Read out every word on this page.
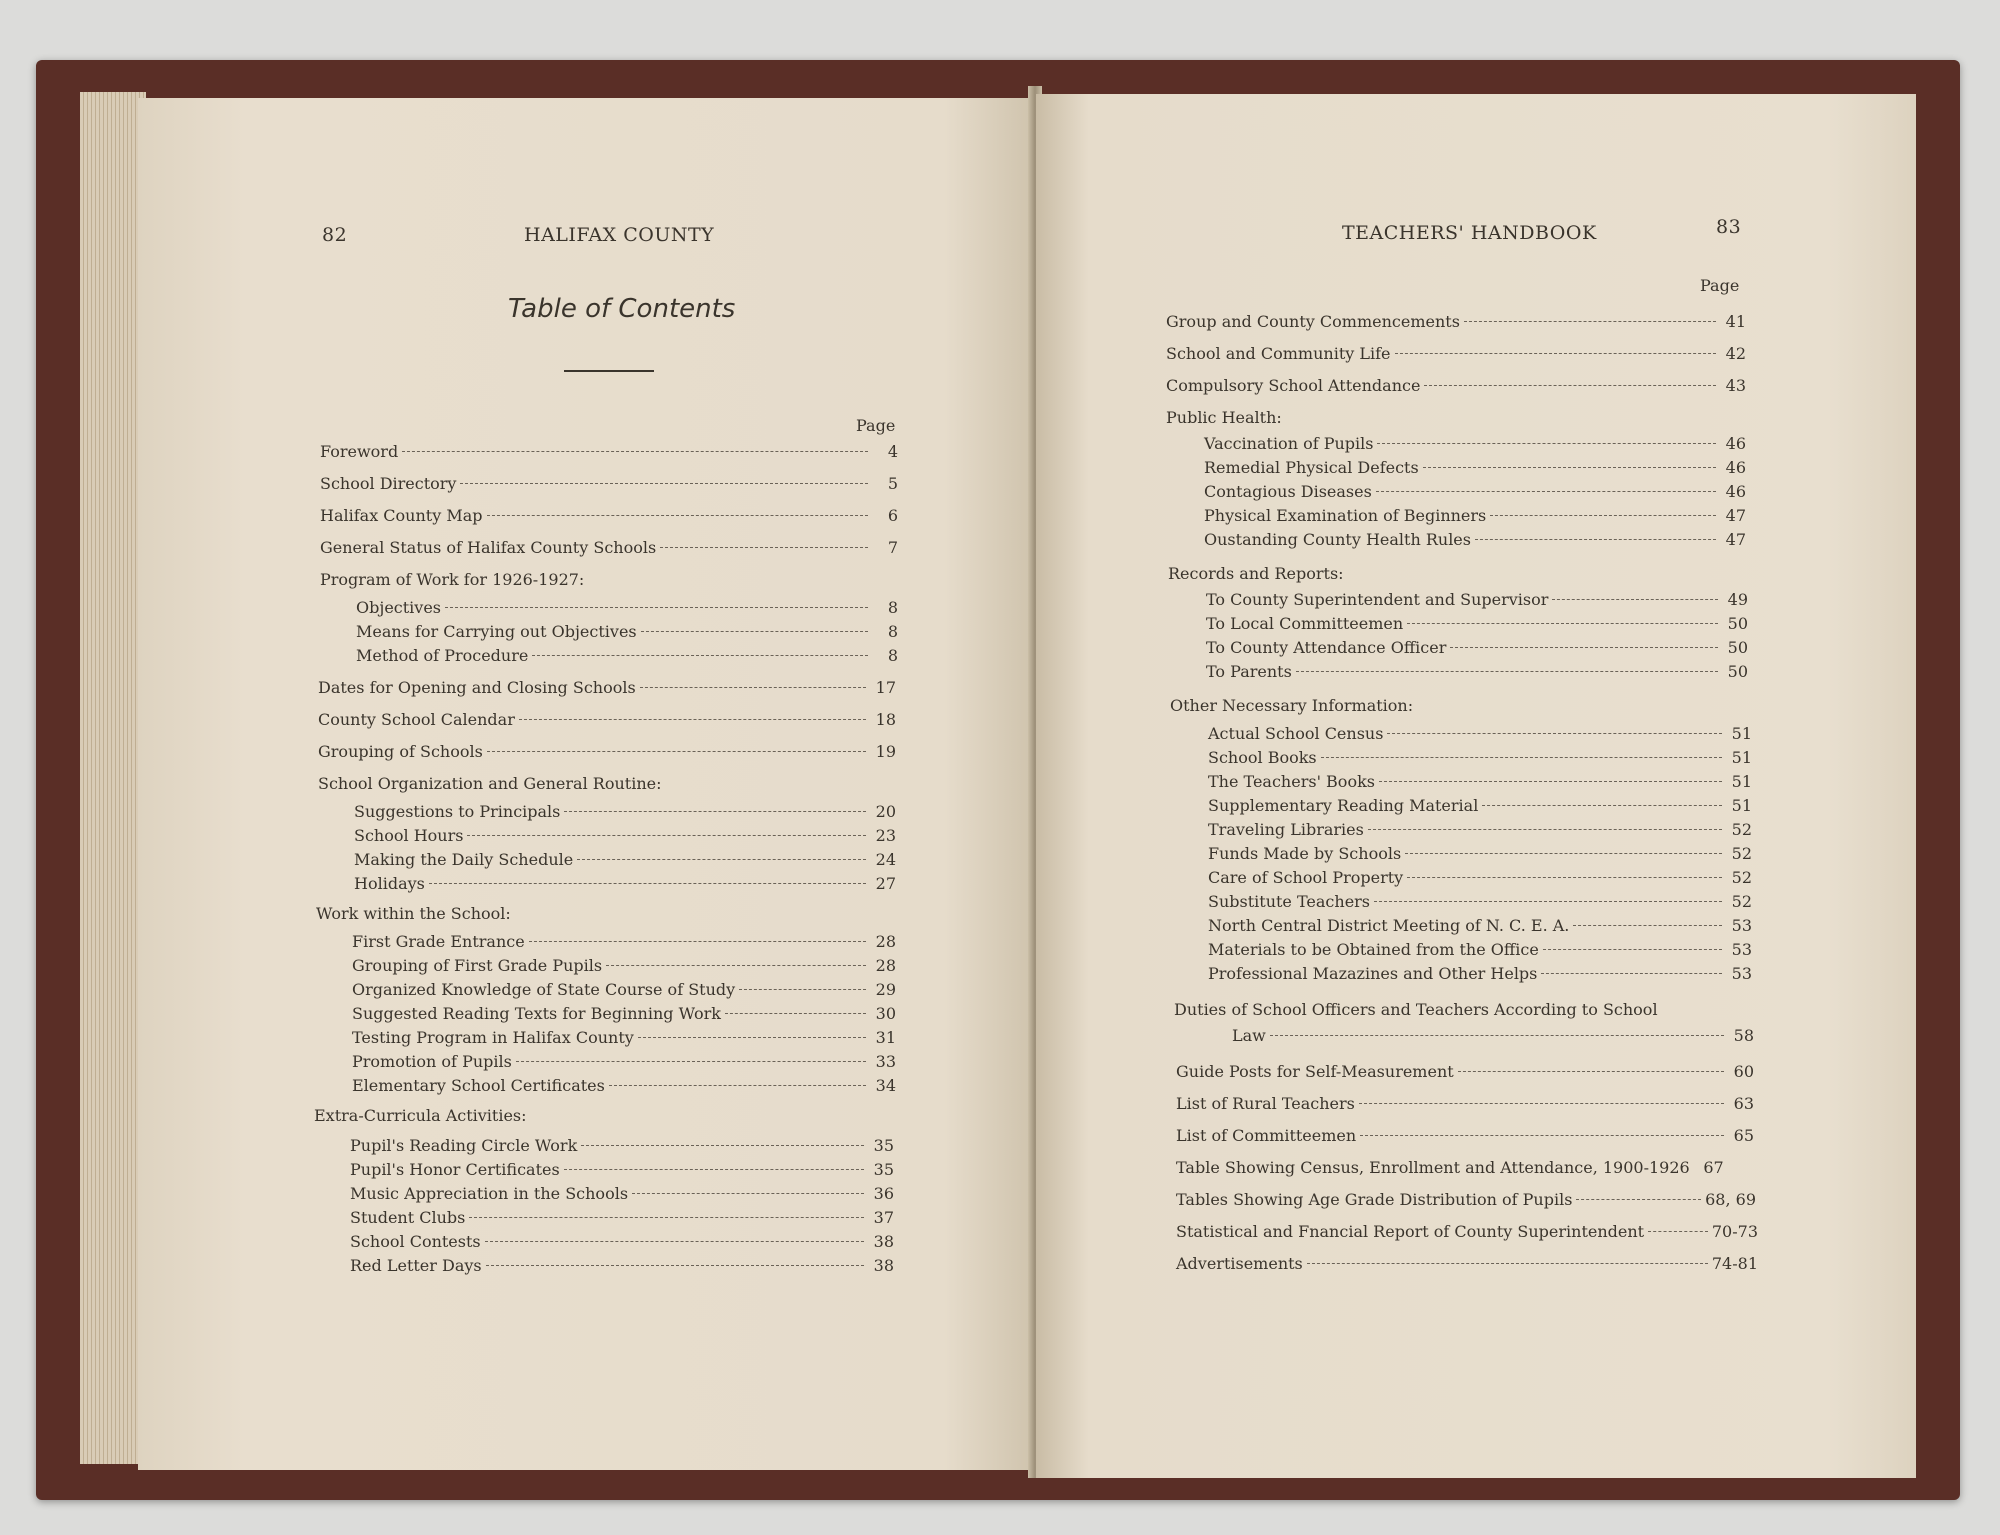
82	HALIFAX COUNTY
Table of Contents
Page
Foreword	4
School Directory	5
Halifax County Map	6
General Status of Halifax County Schools	7
Program of Work for 1926-1927:
Objectives	8
Means for Carrying out Objectives	8
Method of Procedure	8
Dates for Opening and Closing Schools	17
County School Calendar	18
Grouping of Schools	19
School Organization and General Routine:
Suggestions to Principals	20
School Hours	23
Making the Daily Schedule	24
Holidays	27
Work within the School:
First Grade Entrance	28
Grouping of First Grade Pupils	28
Organized Knowledge of State Course of Study	29
Suggested Reading Texts for Beginning Work	30
Testing Program in Halifax County	31
Promotion of Pupils	33
Elementary School Certificates	34
Extra-Curricula Activities:
Pupil's Reading Circle Work	35
Pupil's Honor Certificates	35
Music Appreciation in the Schools	36
Student Clubs	37
School Contests	38
Red Letter Days	38
TEACHERS' HANDBOOK	83
Page
Group and County Commencements	41
School and Community Life	42
Compulsory School Attendance	43
Public Health:
Vaccination of Pupils	46
Remedial Physical Defects	46
Contagious Diseases	46
Physical Examination of Beginners	47
Oustanding County Health Rules	47
Records and Reports:
To County Superintendent and Supervisor	49
To Local Committeemen	50
To County Attendance Officer	50
To Parents	50
Other Necessary Information:
Actual School Census	51
School Books	51
The Teachers' Books	51
Supplementary Reading Material	51
Traveling Libraries	52
Funds Made by Schools	52
Care of School Property	52
Substitute Teachers	52
North Central District Meeting of N. C. E. A.	53
Materials to be Obtained from the Office	53
Professional Mazazines and Other Helps	53
Duties of School Officers and Teachers According to School
Law	58
Guide Posts for Self-Measurement	60
List of Rural Teachers	63
List of Committeemen	65
Table Showing Census, Enrollment and Attendance, 1900-1926 67
Tables Showing Age Grade Distribution of Pupils	68, 69
Statistical and Fnancial Report of County Superintendent	70-73
Advertisements	74-81
